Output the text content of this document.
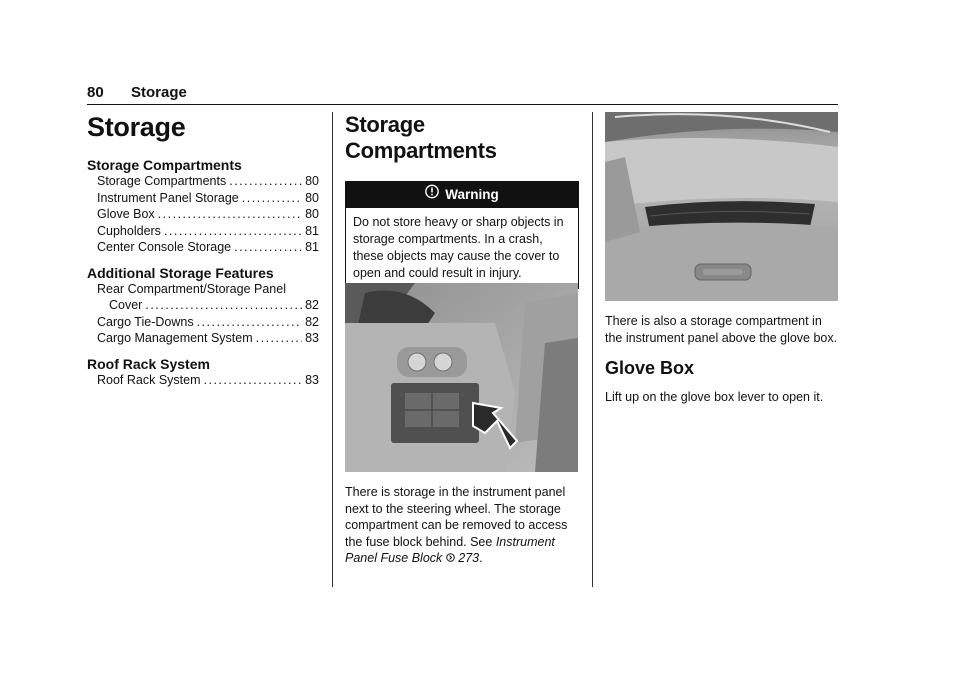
80 Storage
Storage
Storage Compartments
Storage Compartments .....	80
Instrument Panel Storage .....	80
Glove Box .....	80
Cupholders .....	81
Center Console Storage .....	81
Additional Storage Features
Rear Compartment/Storage Panel
Cover .....	82
Cargo Tie-Downs .....	82
Cargo Management System .....	83
Roof Rack System
Roof Rack System .....	83
Storage Compartments
Warning
Do not store heavy or sharp objects in storage compartments. In a crash, these objects may cause the cover to open and could result in injury.

There is storage in the instrument panel next to the steering wheel. The storage compartment can be removed to access the fuse block behind. See Instrument Panel Fuse Block 273.

There is also a storage compartment in the instrument panel above the glove box.

Glove Box

Lift up on the glove box lever to open it.
